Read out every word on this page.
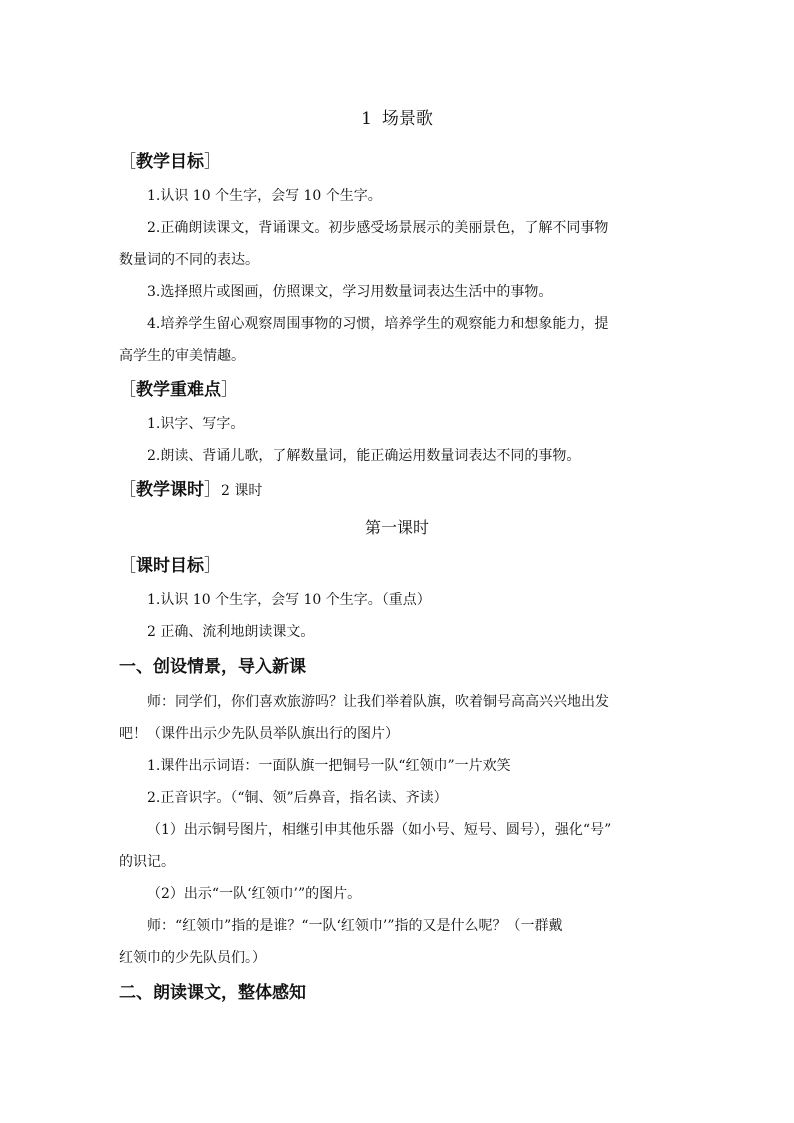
1 场景歌
［教学目标］
1.认识 10 个生字，会写 10 个生字。
2.正确朗读课文，背诵课文。初步感受场景展示的美丽景色，了解不同事物
数量词的不同的表达。
3.选择照片或图画，仿照课文，学习用数量词表达生活中的事物。
4.培养学生留心观察周围事物的习惯，培养学生的观察能力和想象能力，提
高学生的审美情趣。
［教学重难点］
1.识字、写字。
2.朗读、背诵儿歌，了解数量词，能正确运用数量词表达不同的事物。
［教学课时］2 课时
第一课时
［课时目标］
1.认识 10 个生字，会写 10 个生字。（重点）
2 正确、流利地朗读课文。
一、创设情景，导入新课
师：同学们，你们喜欢旅游吗？让我们举着队旗，吹着铜号高高兴兴地出发
吧！（课件出示少先队员举队旗出行的图片）
1.课件出示词语：一面队旗一把铜号一队“红领巾”一片欢笑
2.正音识字。（“铜、领”后鼻音，指名读、齐读）
（1）出示铜号图片，相继引申其他乐器（如小号、短号、圆号），强化“号”
的识记。
（2）出示“一队‘红领巾’”的图片。
师：“红领巾”指的是谁？“一队‘红领巾’”指的又是什么呢？（一群戴
红领巾的少先队员们。）
二、朗读课文，整体感知
